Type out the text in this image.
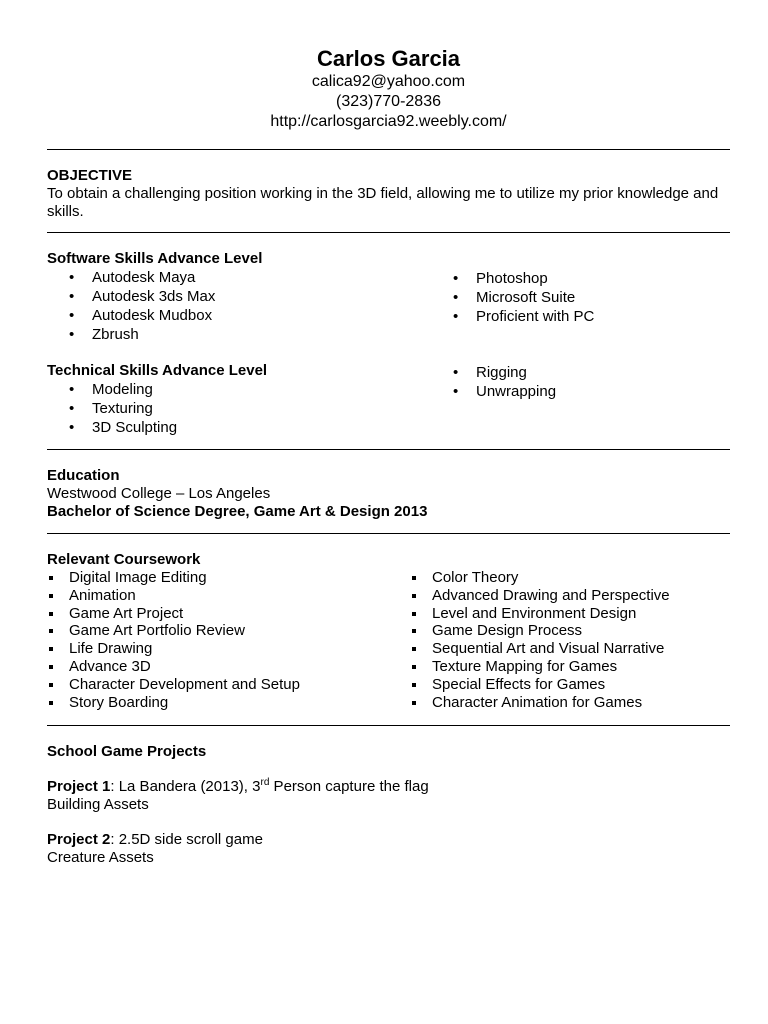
Carlos Garcia
calica92@yahoo.com
(323)770-2836
http://carlosgarcia92.weebly.com/
OBJECTIVE
To obtain a challenging position working in the 3D field, allowing me to utilize my prior knowledge and skills.
Software Skills Advance Level
• Autodesk Maya
• Autodesk 3ds Max
• Autodesk Mudbox
• Zbrush
• Photoshop
• Microsoft Suite
• Proficient with PC
Technical Skills Advance Level
• Modeling
• Texturing
• 3D Sculpting
• Rigging
• Unwrapping
Education
Westwood College – Los Angeles
Bachelor of Science Degree, Game Art & Design 2013
Relevant Coursework
Digital Image Editing
Animation
Game Art Project
Game Art Portfolio Review
Life Drawing
Advance 3D
Character Development and Setup
Story Boarding
Color Theory
Advanced Drawing and Perspective
Level and Environment Design
Game Design Process
Sequential Art and Visual Narrative
Texture Mapping for Games
Special Effects for Games
Character Animation for Games
School Game Projects
Project 1: La Bandera (2013), 3rd Person capture the flag
Building Assets
Project 2: 2.5D side scroll game
Creature Assets
